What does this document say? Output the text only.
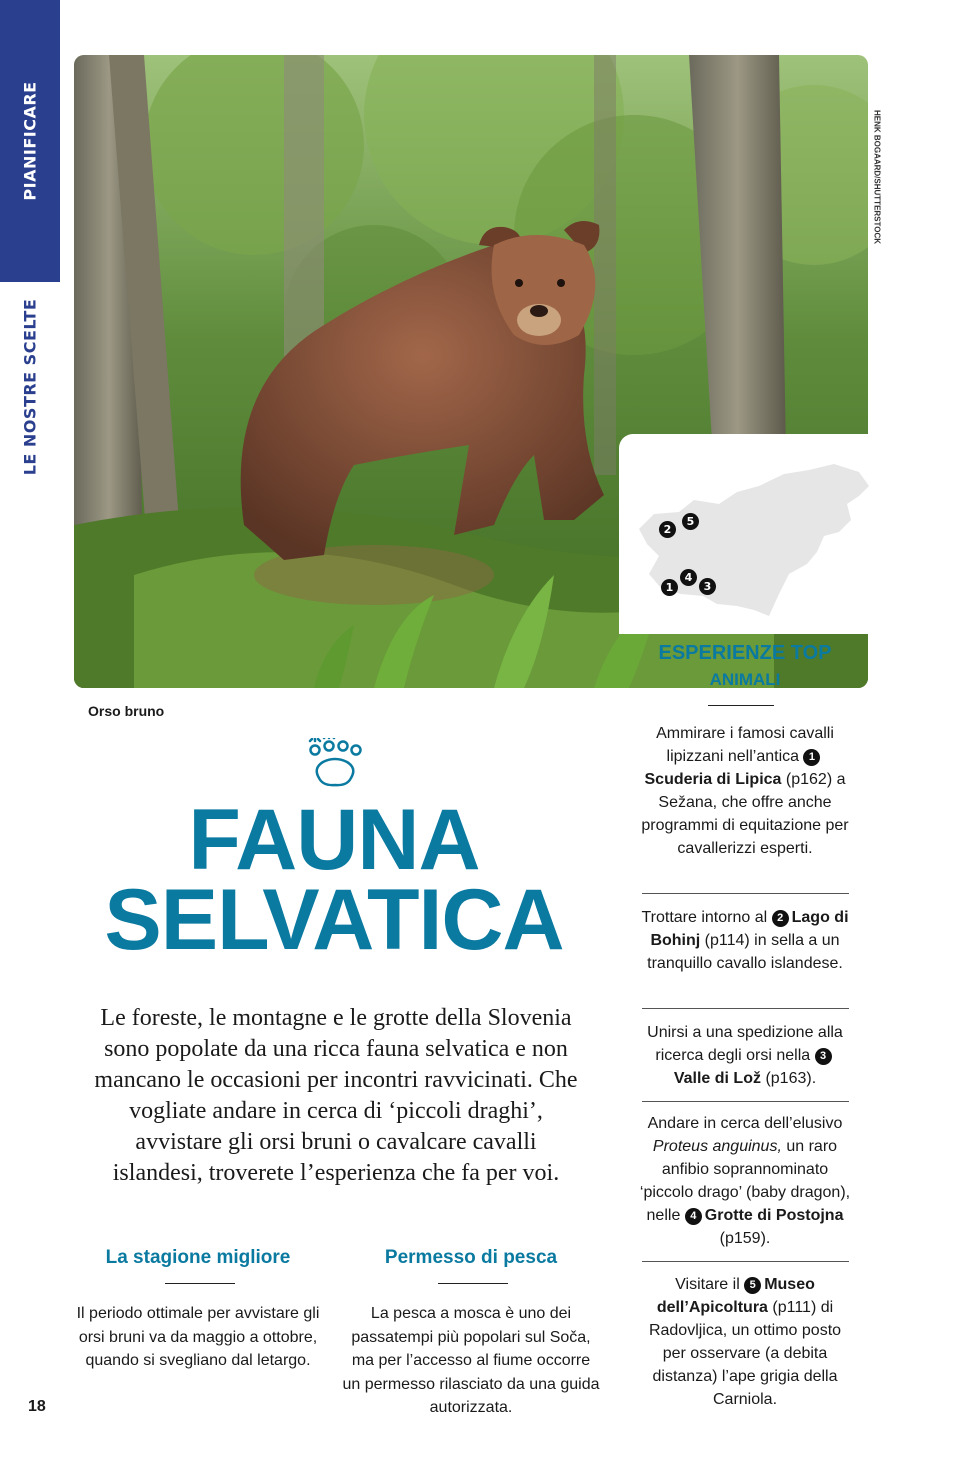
PIANIFICARE
LE NOSTRE SCELTE
HENK BOGAARD/SHUTTERSTOCK
2
5
1
4
3
Orso bruno
FAUNA
SELVATICA
Le foreste, le montagne e le grotte della Slovenia sono popolate da una ricca fauna selvatica e non mancano le occasioni per incontri ravvicinati. Che vogliate andare in cerca di ‘piccoli draghi’, avvistare gli orsi bruni o cavalcare cavalli islandesi, troverete l’esperienza che fa per voi.
La stagione migliore
Il periodo ottimale per avvistare gli orsi bruni va da maggio a ottobre, quando si svegliano dal letargo.
Permesso di pesca
La pesca a mosca è uno dei passatempi più popolari sul Soča, ma per l’accesso al fiume occorre un permesso rilasciato da una guida autorizzata.
18
ESPERIENZE TOP
ANIMALI
Ammirare i famosi cavalli lipizzani nell’antica 1Scuderia di Lipica (p162) a Sežana, che offre anche programmi di equitazione per cavallerizzi esperti.
Trottare intorno al 2 Lago di Bohinj (p114) in sella a un tranquillo cavallo islandese.
Unirsi a una spedizione alla ricerca degli orsi nella 3Valle di Lož (p163).
Andare in cerca dell’elusivo Proteus anguinus, un raro anfibio soprannominato ‘piccolo drago’ (baby dragon), nelle 4 Grotte di Postojna (p159).
Visitare il 5 Museo dell’Apicoltura (p111) di Radovljica, un ottimo posto per osservare (a debita distanza) l’ape grigia della Carniola.
